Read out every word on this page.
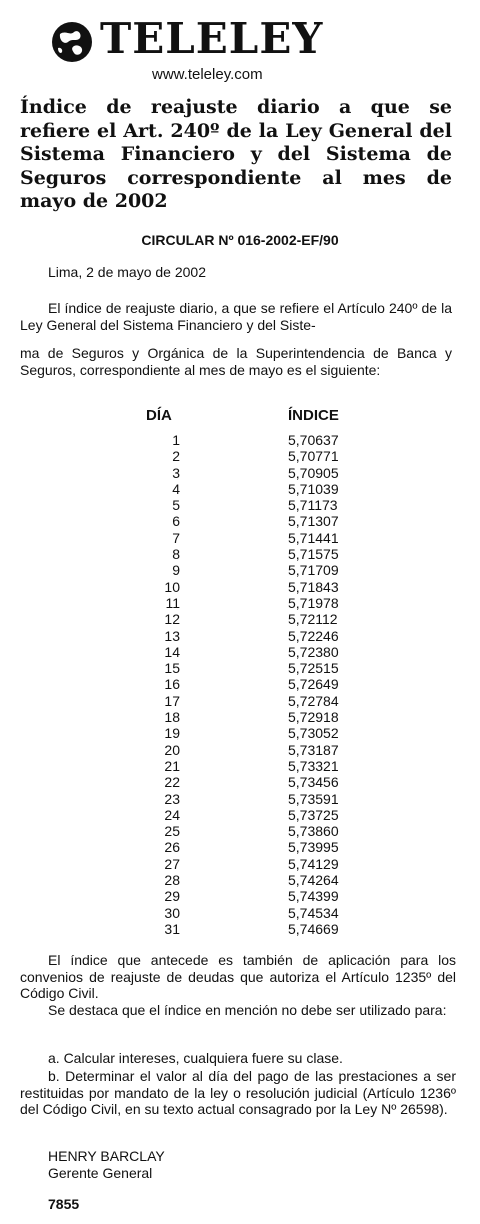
TELELEY
www.teleley.com
Índice de reajuste diario a que se refiere el Art. 240º de la Ley General del Sistema Financiero y del Sistema de Seguros correspondiente al mes de mayo de 2002
CIRCULAR Nº 016-2002-EF/90
Lima, 2 de mayo de 2002
El índice de reajuste diario, a que se refiere el Artículo 240º de la Ley General del Sistema Financiero y del Siste-
ma de Seguros y Orgánica de la Superintendencia de Banca y Seguros, correspondiente al mes de mayo es el siguiente:
DÍA	ÍNDICE
1	5,70637
2	5,70771
3	5,70905
4	5,71039
5	5,71173
6	5,71307
7	5,71441
8	5,71575
9	5,71709
10	5,71843
11	5,71978
12	5,72112
13	5,72246
14	5,72380
15	5,72515
16	5,72649
17	5,72784
18	5,72918
19	5,73052
20	5,73187
21	5,73321
22	5,73456
23	5,73591
24	5,73725
25	5,73860
26	5,73995
27	5,74129
28	5,74264
29	5,74399
30	5,74534
31	5,74669
El índice que antecede es también de aplicación para los convenios de reajuste de deudas que autoriza el Artículo 1235º del Código Civil.
Se destaca que el índice en mención no debe ser utilizado para:
a. Calcular intereses, cualquiera fuere su clase.
b. Determinar el valor al día del pago de las prestaciones a ser restituidas por mandato de la ley o resolución judicial (Artículo 1236º del Código Civil, en su texto actual consagrado por la Ley Nº 26598).
HENRY BARCLAY
Gerente General
7855
